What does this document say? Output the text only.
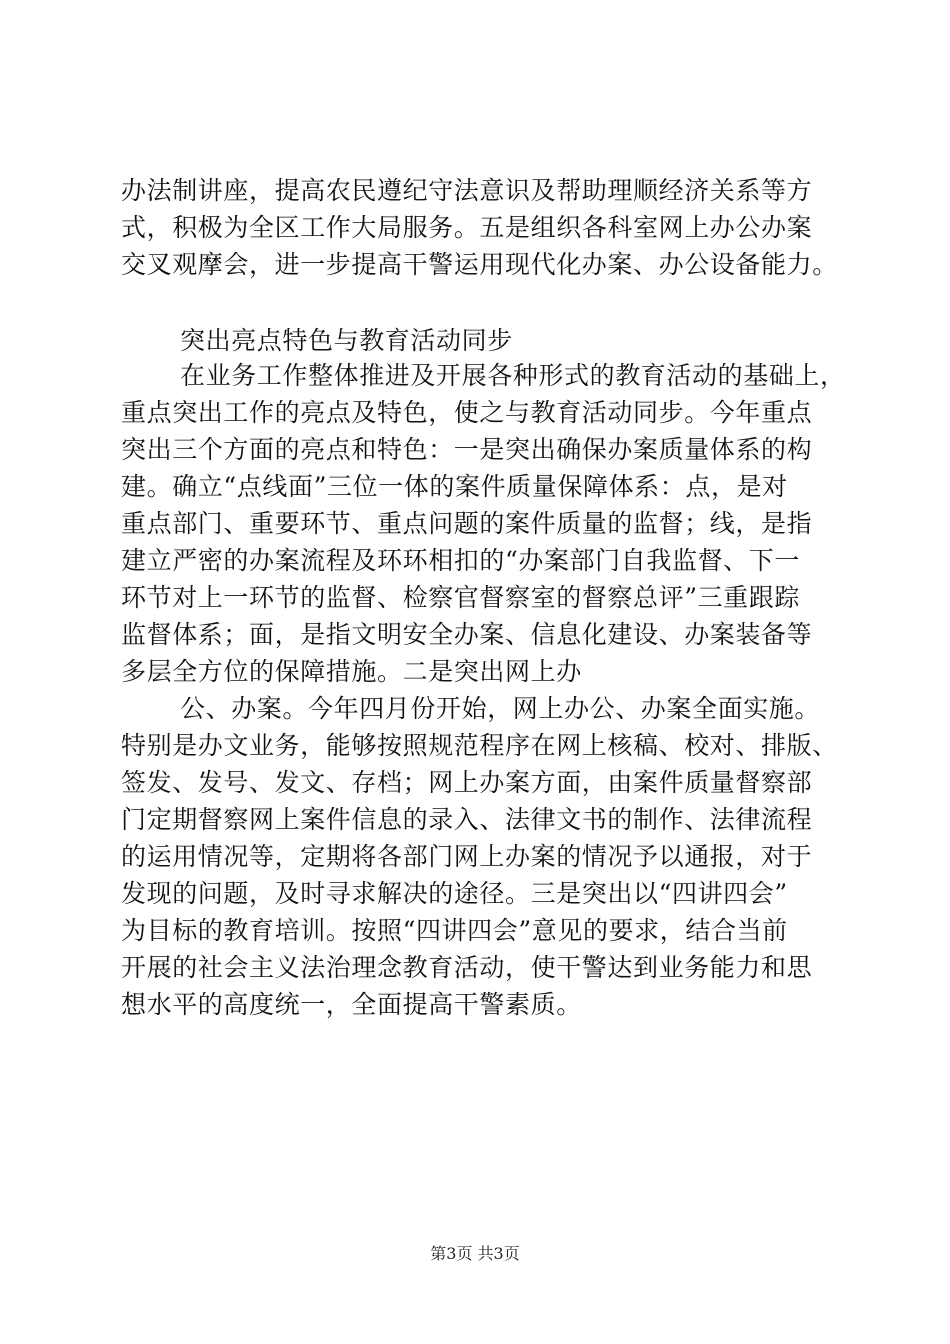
办法制讲座，提高农民遵纪守法意识及帮助理顺经济关系等方
式，积极为全区工作大局服务。五是组织各科室网上办公办案
交叉观摩会，进一步提高干警运用现代化办案、办公设备能力。
突出亮点特色与教育活动同步
在业务工作整体推进及开展各种形式的教育活动的基础上，
重点突出工作的亮点及特色，使之与教育活动同步。今年重点
突出三个方面的亮点和特色：一是突出确保办案质量体系的构
建。确立“点线面”三位一体的案件质量保障体系：点，是对
重点部门、重要环节、重点问题的案件质量的监督；线，是指
建立严密的办案流程及环环相扣的“办案部门自我监督、下一
环节对上一环节的监督、检察官督察室的督察总评”三重跟踪
监督体系；面，是指文明安全办案、信息化建设、办案装备等
多层全方位的保障措施。二是突出网上办
公、办案。今年四月份开始，网上办公、办案全面实施。
特别是办文业务，能够按照规范程序在网上核稿、校对、排版、
签发、发号、发文、存档；网上办案方面，由案件质量督察部
门定期督察网上案件信息的录入、法律文书的制作、法律流程
的运用情况等，定期将各部门网上办案的情况予以通报，对于
发现的问题，及时寻求解决的途径。三是突出以“四讲四会”
为目标的教育培训。按照“四讲四会”意见的要求，结合当前
开展的社会主义法治理念教育活动，使干警达到业务能力和思
想水平的高度统一，全面提高干警素质。
第3页 共3页
